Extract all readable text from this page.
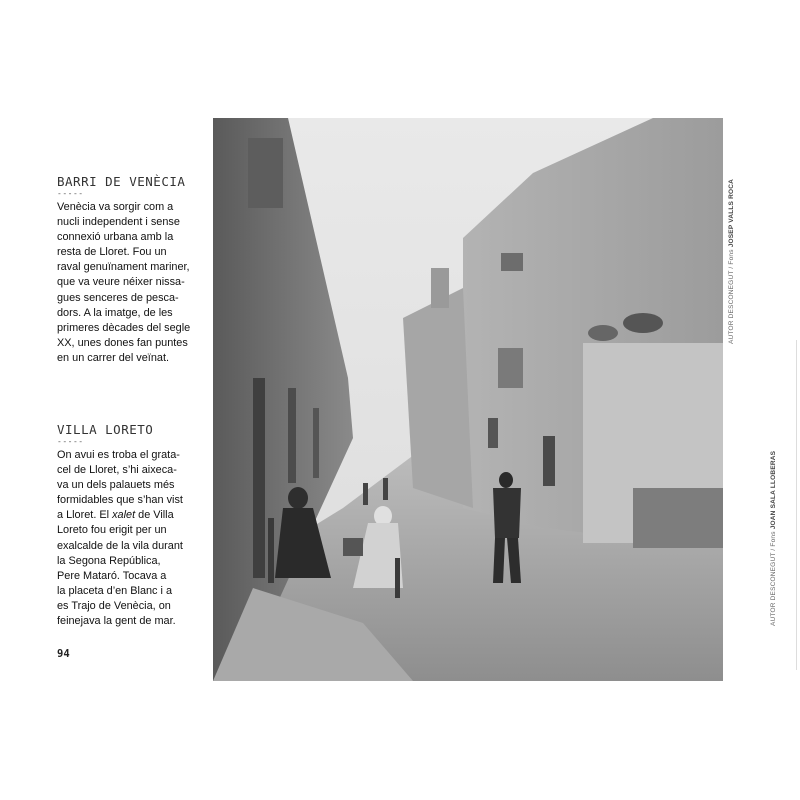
BARRI DE VENÈCIA

-----

Venècia va sorgir com a
nucli independent i sense
connexió urbana amb la
resta de Lloret. Fou un
raval genuïnament mariner,
que va veure néixer nissa-
gues senceres de pesca-
dors. A la imatge, de les
primeres dècades del segle
XX, unes dones fan puntes
en un carrer del veïnat.

VILLA LORETO

-----

On avui es troba el grata-
cel de Lloret, s’hi aixeca-
va un dels palauets més
formidables que s’han vist
a Lloret. El xalet de Villa
Loreto fou erigit per un
exalcalde de la vila durant
la Segona República,
Pere Mataró. Tocava a
la placeta d’en Blanc i a
es Trajo de Venècia, on
feinejava la gent de mar.

94
AUTOR DESCONEGUT / Fons JOSEP VALLS ROCA
AUTOR DESCONEGUT / Fons JOAN SALA LLOBERAS
